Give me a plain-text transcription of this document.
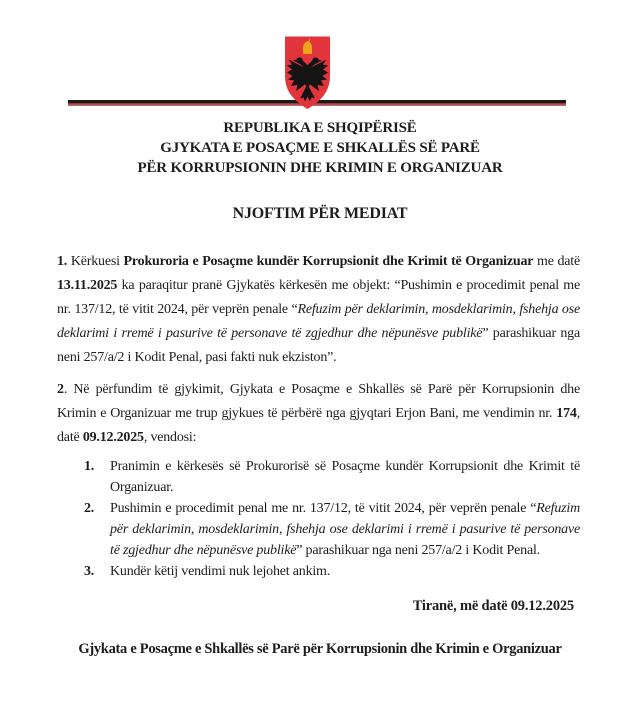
REPUBLIKA E SHQIPËRISË
GJYKATA E POSAÇME E SHKALLËS SË PARË
PËR KORRUPSIONIN DHE KRIMIN E ORGANIZUAR
NJOFTIM PËR MEDIAT

1. Kërkuesi Prokuroria e Posaçme kundër Korrupsionit dhe Krimit të Organizuar me datë 13.11.2025 ka paraqitur pranë Gjykatës kërkesën me objekt: “Pushimin e procedimit penal me nr. 137/12, të vitit 2024, për veprën penale “Refuzim për deklarimin, mosdeklarimin, fshehja ose deklarimi i rremë i pasurive të personave të zgjedhur dhe nëpunësve publikë” parashikuar nga neni 257/a/2 i Kodit Penal, pasi fakti nuk ekziston”.

2. Në përfundim të gjykimit, Gjykata e Posaçme e Shkallës së Parë për Korrupsionin dhe Krimin e Organizuar me trup gjykues të përbërë nga gjyqtari Erjon Bani, me vendimin nr. 174, datë 09.12.2025, vendosi:

1.	Pranimin e kërkesës së Prokurorisë së Posaçme kundër Korrupsionit dhe Krimit të Organizuar.
2.	Pushimin e procedimit penal me nr. 137/12, të vitit 2024, për veprën penale “Refuzim për deklarimin, mosdeklarimin, fshehja ose deklarimi i rremë i pasurive të personave të zgjedhur dhe nëpunësve publikë” parashikuar nga neni 257/a/2 i Kodit Penal.
3.	Kundër këtij vendimi nuk lejohet ankim.
Tiranë, më datë 09.12.2025
Gjykata e Posaçme e Shkallës së Parë për Korrupsionin dhe Krimin e Organizuar
